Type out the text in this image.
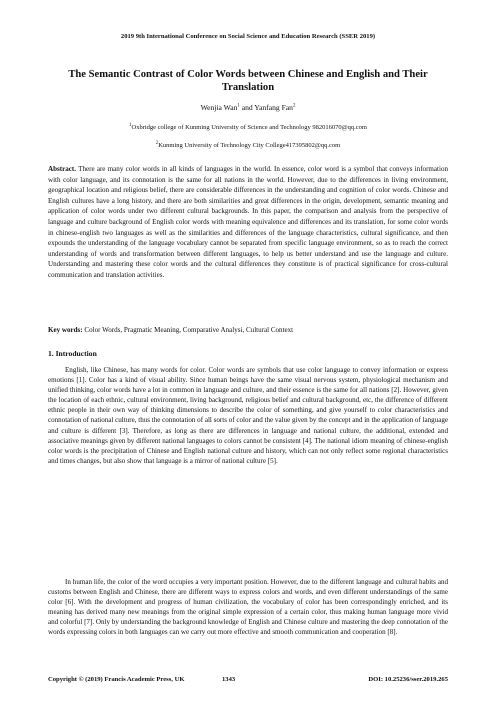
2019 9th International Conference on Social Science and Education Research (SSER 2019)
The Semantic Contrast of Color Words between Chinese and English and Their Translation
Wenjia Wan$^1$ and Yanfang Fan$^2$
$^1$Oxbridge college of Kunming University of Science and Technology 982016070@qq.com
$^2$Kunming University of Technology City College417395802@qq.com

Abstract. There are many color words in all kinds of languages in the world. In essence, color word is a symbol that conveys information with color language, and its connotation is the same for all nations in the world. However, due to the differences in living environment, geographical location and religious belief, there are considerable differences in the understanding and cognition of color words. Chinese and English cultures have a long history, and there are both similarities and great differences in the origin, development, semantic meaning and application of color words under two different cultural backgrounds. In this paper, the comparison and analysis from the perspective of language and culture background of English color words with meaning equivalence and differences and its translation, for some color words in chinese-english two languages as well as the similarities and differences of the language characteristics, cultural significance, and then expounds the understanding of the language vocabulary cannot be separated from specific language environment, so as to reach the correct understanding of words and transformation between different languages, to help us better understand and use the language and culture. Understanding and mastering these color words and the cultural differences they constitute is of practical significance for cross-cultural communication and translation activities.

Key words: Color Words, Pragmatic Meaning, Comparative Analysi, Cultural Context

1. Introduction

English, like Chinese, has many words for color. Color words are symbols that use color language to convey information or express emotions [1]. Color has a kind of visual ability. Since human beings have the same visual nervous system, physiological mechanism and unified thinking, color words have a lot in common in language and culture, and their essence is the same for all nations [2]. However, given the location of each ethnic, cultural environment, living background, religious belief and cultural background, etc, the difference of different ethnic people in their own way of thinking dimensions to describe the color of something, and give yourself to color characteristics and connotation of national culture, thus the connotation of all sorts of color and the value given by the concept and in the application of language and culture is different [3]. Therefore, as long as there are differences in language and national culture, the additional, extended and associative meanings given by different national languages to colors cannot be consistent [4]. The national idiom meaning of chinese-english color words is the precipitation of Chinese and English national culture and history, which can not only reflect some regional characteristics and times changes, but also show that language is a mirror of national culture [5].

In human life, the color of the word occupies a very important position. However, due to the different language and cultural habits and customs between English and Chinese, there are different ways to express colors and words, and even different understandings of the same color [6]. With the development and progress of human civilization, the vocabulary of color has been correspondingly enriched, and its meaning has derived many new meanings from the original simple expression of a certain color, thus making human language more vivid and colorful [7]. Only by understanding the background knowledge of English and Chinese culture and mastering the deep connotation of the words expressing colors in both languages can we carry out more effective and smooth communication and cooperation [8].

Copyright © (2019) Francis Academic Press, UK	1343	DOI: 10.25236/sser.2019.265
